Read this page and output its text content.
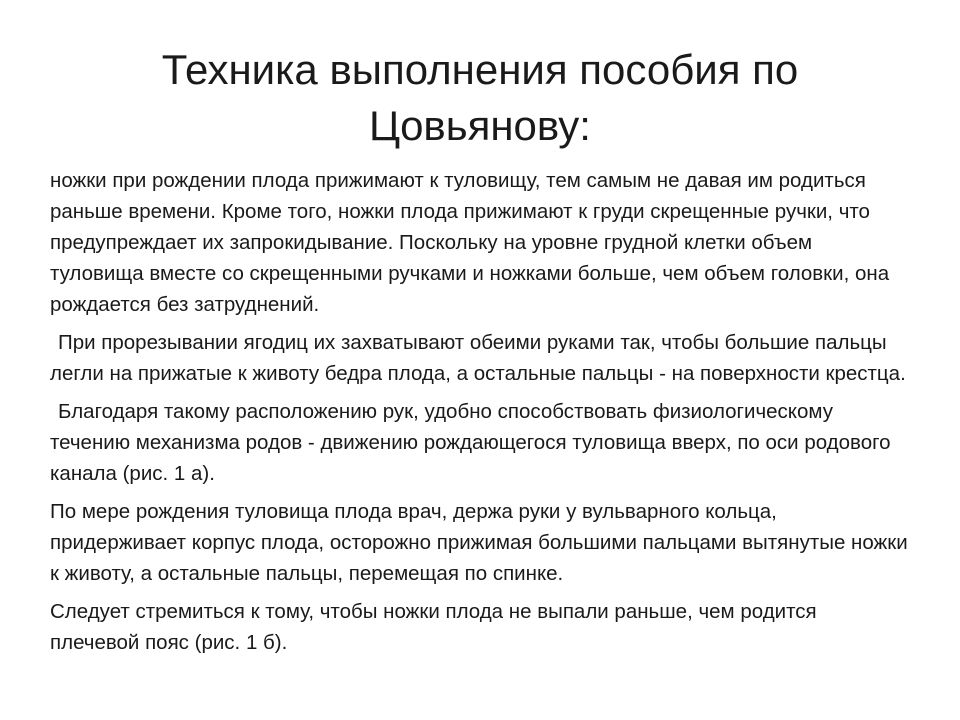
Техника выполнения пособия по
Цовьянову:

ножки при рождении плода прижимают к туловищу, тем самым не давая им родиться раньше времени. Кроме того, ножки плода прижимают к груди скрещенные ручки, что предупреждает их запрокидывание. Поскольку на уровне грудной клетки объем туловища вместе со скрещенными ручками и ножками больше, чем объем головки, она рождается без затруднений.

При прорезывании ягодиц их захватывают обеими руками так, чтобы большие пальцы легли на прижатые к животу бедра плода, а остальные пальцы - на поверхности крестца.

Благодаря такому расположению рук, удобно способствовать физиологическому течению механизма родов - движению рождающегося туловища вверх, по оси родового канала (рис. 1 а).

По мере рождения туловища плода врач, держа руки у вульварного кольца, придерживает корпус плода, осторожно прижимая большими пальцами вытянутые ножки к животу, а остальные пальцы, перемещая по спинке.

Следует стремиться к тому, чтобы ножки плода не выпали раньше, чем родится плечевой пояс (рис. 1 б).
